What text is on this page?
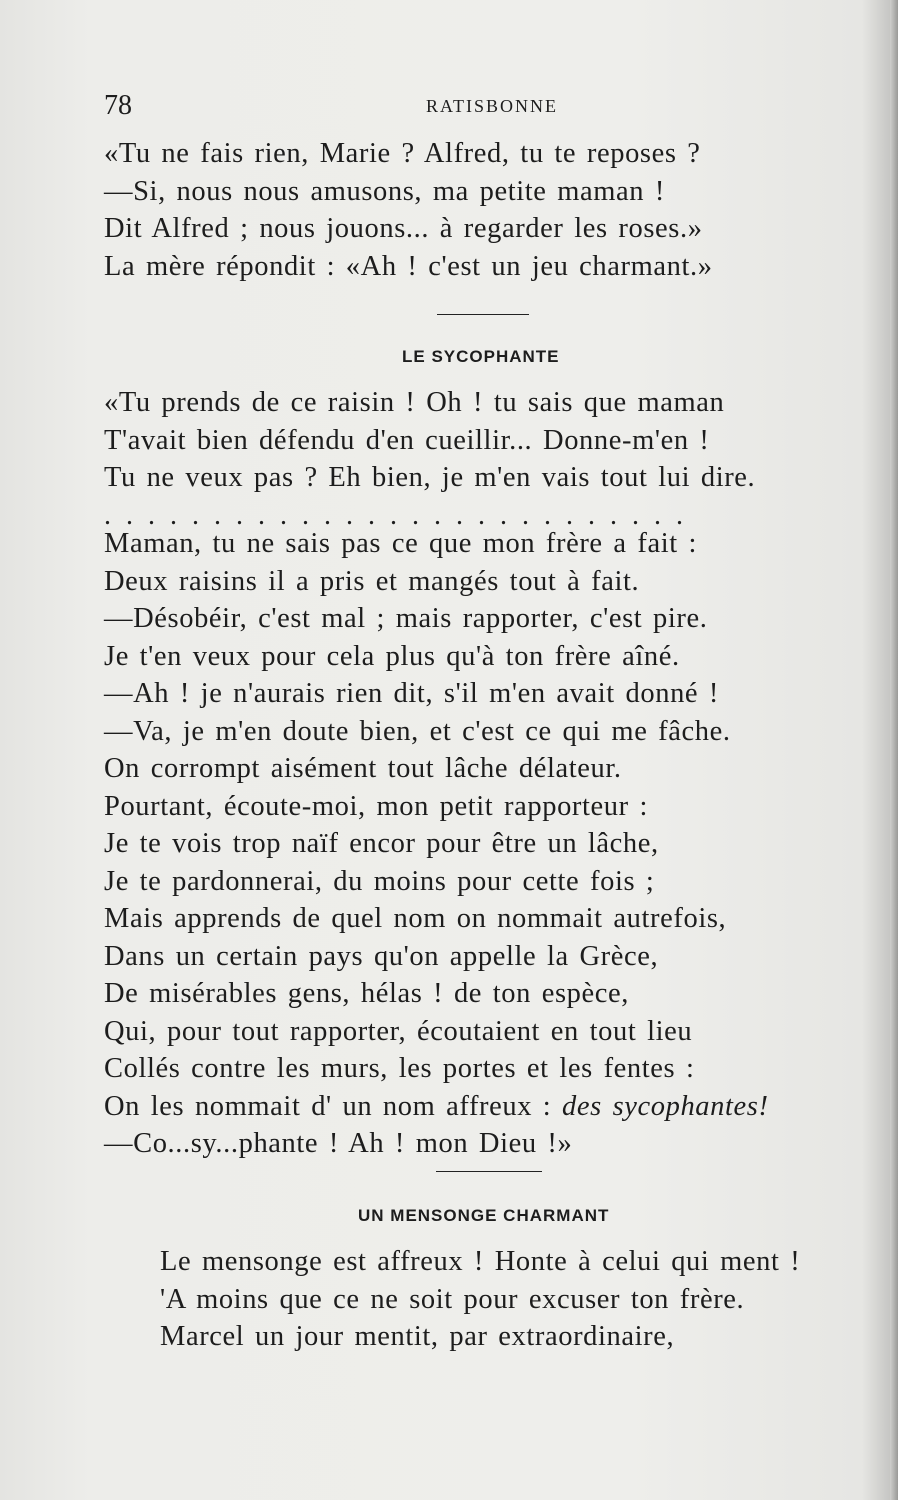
78	RATISBONNE
«Tu ne fais rien, Marie ? Alfred, tu te reposes ?
—Si, nous nous amusons, ma petite maman !
Dit Alfred ; nous jouons... à regarder les roses.»
La mère répondit : «Ah ! c'est un jeu charmant.»
LE SYCOPHANTE
«Tu prends de ce raisin ! Oh ! tu sais que maman
T'avait bien défendu d'en cueillir... Donne-m'en !
Tu ne veux pas ? Eh bien, je m'en vais tout lui dire.
...........................
Maman, tu ne sais pas ce que mon frère a fait :
Deux raisins il a pris et mangés tout à fait.
—Désobéir, c'est mal ; mais rapporter, c'est pire.
Je t'en veux pour cela plus qu'à ton frère aîné.
—Ah ! je n'aurais rien dit, s'il m'en avait donné !
—Va, je m'en doute bien, et c'est ce qui me fâche.
On corrompt aisément tout lâche délateur.
Pourtant, écoute-moi, mon petit rapporteur :
Je te vois trop naïf encor pour être un lâche,
Je te pardonnerai, du moins pour cette fois ;
Mais apprends de quel nom on nommait autrefois,
Dans un certain pays qu'on appelle la Grèce,
De misérables gens, hélas ! de ton espèce,
Qui, pour tout rapporter, écoutaient en tout lieu
Collés contre les murs, les portes et les fentes :
On les nommait d' un nom affreux : des sycophantes!
—Co...sy...phante ! Ah ! mon Dieu !»
UN MENSONGE CHARMANT
Le mensonge est affreux ! Honte à celui qui ment !
'A moins que ce ne soit pour excuser ton frère.
Marcel un jour mentit, par extraordinaire,
